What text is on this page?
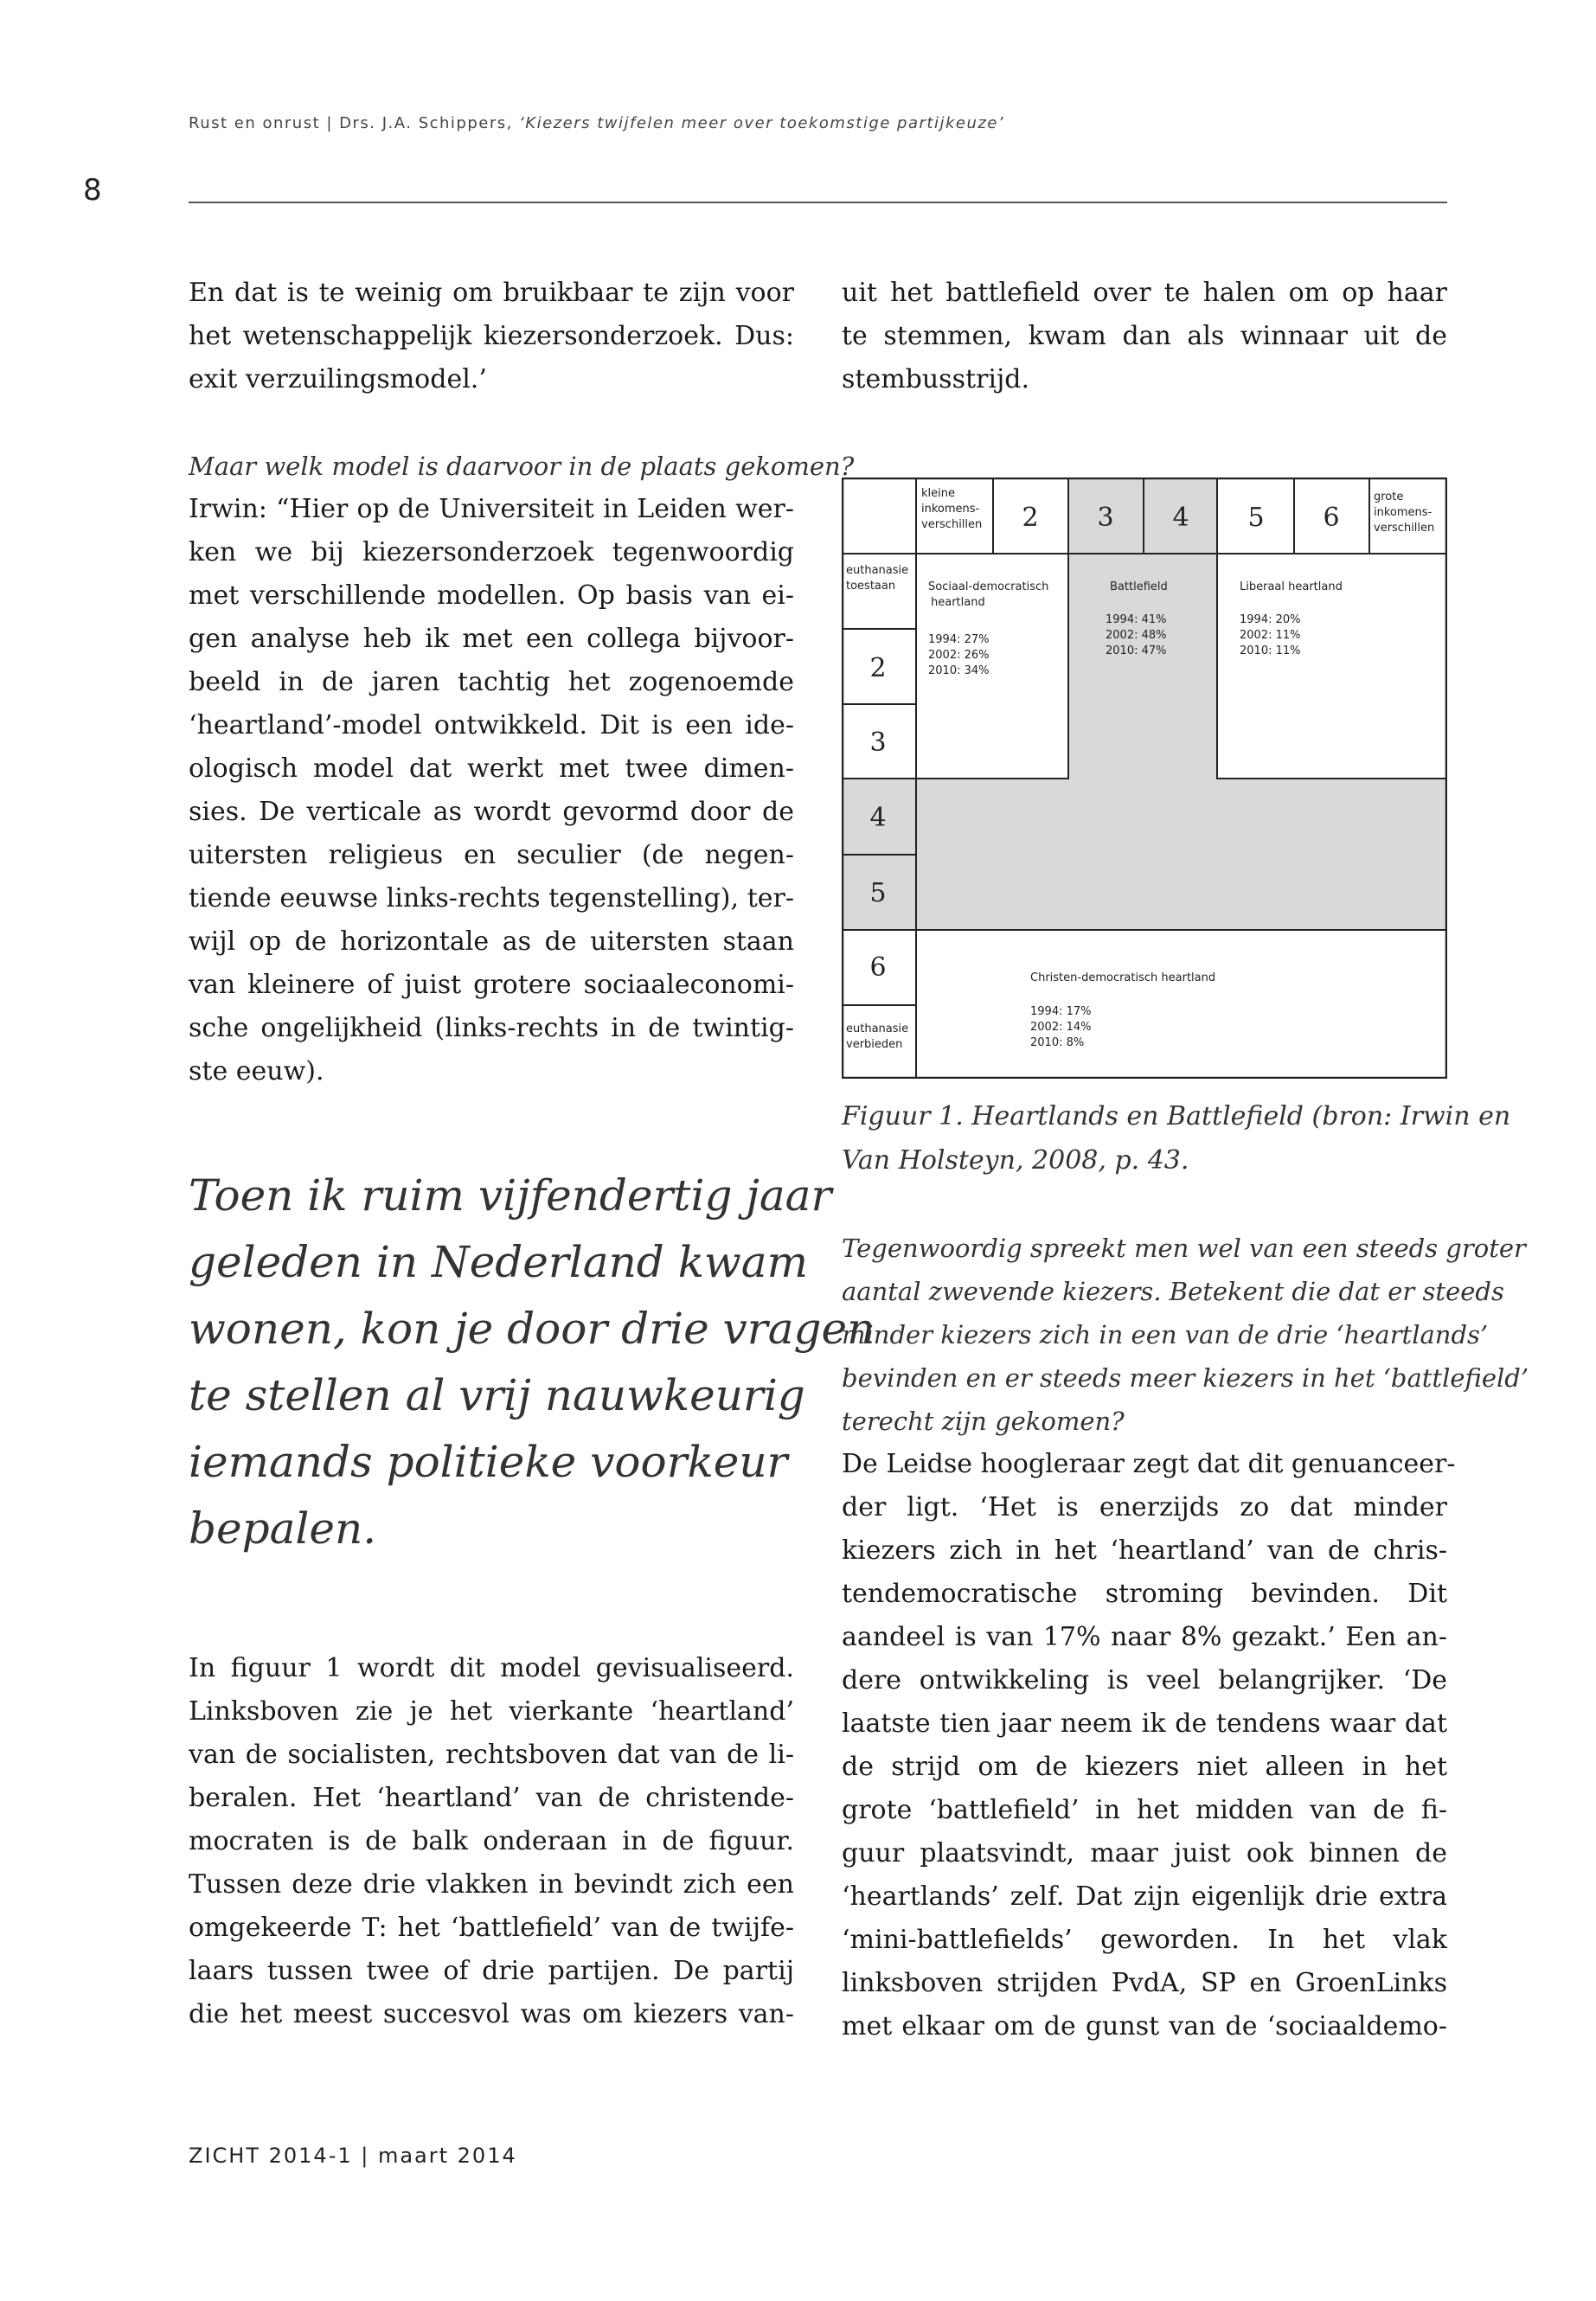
Rust en onrust | Drs. J.A. Schippers, ‘Kiezers twijfelen meer over toekomstige partijkeuze’
8

En dat is te weinig om bruikbaar te zijn voor
het wetenschappelijk kiezersonderzoek. Dus:
exit verzuilingsmodel.’

Maar welk model is daarvoor in de plaats gekomen?

Irwin: “Hier op de Universiteit in Leiden wer-
ken we bij kiezersonderzoek tegenwoordig
met verschillende modellen. Op basis van ei-
gen analyse heb ik met een collega bijvoor-
beeld in de jaren tachtig het zogenoemde
‘heartland’-model ontwikkeld. Dit is een ide-
ologisch model dat werkt met twee dimen-
sies. De verticale as wordt gevormd door de
uitersten religieus en seculier (de negen-
tiende eeuwse links-rechts tegenstelling), ter-
wijl op de horizontale as de uitersten staan
van kleinere of juist grotere sociaaleconomi-
sche ongelijkheid (links-rechts in de twintig-
ste eeuw).

Toen ik ruim vijfendertig jaar
geleden in Nederland kwam
wonen, kon je door drie vragen
te stellen al vrij nauwkeurig
iemands politieke voorkeur
bepalen.

In figuur 1 wordt dit model gevisualiseerd.
Linksboven zie je het vierkante ‘heartland’
van de socialisten, rechtsboven dat van de li-
beralen. Het ‘heartland’ van de christende-
mocraten is de balk onderaan in de figuur.
Tussen deze drie vlakken in bevindt zich een
omgekeerde T: het ‘battlefield’ van de twijfe-
laars tussen twee of drie partijen. De partij
die het meest succesvol was om kiezers van-

uit het battlefield over te halen om op haar
te stemmen, kwam dan als winnaar uit de
stembusstrijd.

kleine inkomens- verschillen
grote inkomens- verschillen
2 3 4 5 6
euthanasie toestaan
euthanasie verbieden
2
3
4
5
6
Sociaal-democratisch heartland
1994: 27% 2002: 26% 2010: 34%
Battlefield
1994: 41% 2002: 48% 2010: 47%
Liberaal heartland
1994: 20% 2002: 11% 2010: 11%
Christen-democratisch heartland
1994: 17% 2002: 14% 2010: 8%

Figuur 1. Heartlands en Battlefield (bron: Irwin en
Van Holsteyn, 2008, p. 43.

Tegenwoordig spreekt men wel van een steeds groter
aantal zwevende kiezers. Betekent die dat er steeds
minder kiezers zich in een van de drie ‘heartlands’
bevinden en er steeds meer kiezers in het ‘battlefield’
terecht zijn gekomen?

De Leidse hoogleraar zegt dat dit genuanceer-
der ligt. ‘Het is enerzijds zo dat minder
kiezers zich in het ‘heartland’ van de chris-
tendemocratische stroming bevinden. Dit
aandeel is van 17% naar 8% gezakt.’ Een an-
dere ontwikkeling is veel belangrijker. ‘De
laatste tien jaar neem ik de tendens waar dat
de strijd om de kiezers niet alleen in het
grote ‘battlefield’ in het midden van de fi-
guur plaatsvindt, maar juist ook binnen de
‘heartlands’ zelf. Dat zijn eigenlijk drie extra
‘mini-battlefields’ geworden. In het vlak
linksboven strijden PvdA, SP en GroenLinks
met elkaar om de gunst van de ‘sociaaldemo-

ZICHT 2014-1 | maart 2014
